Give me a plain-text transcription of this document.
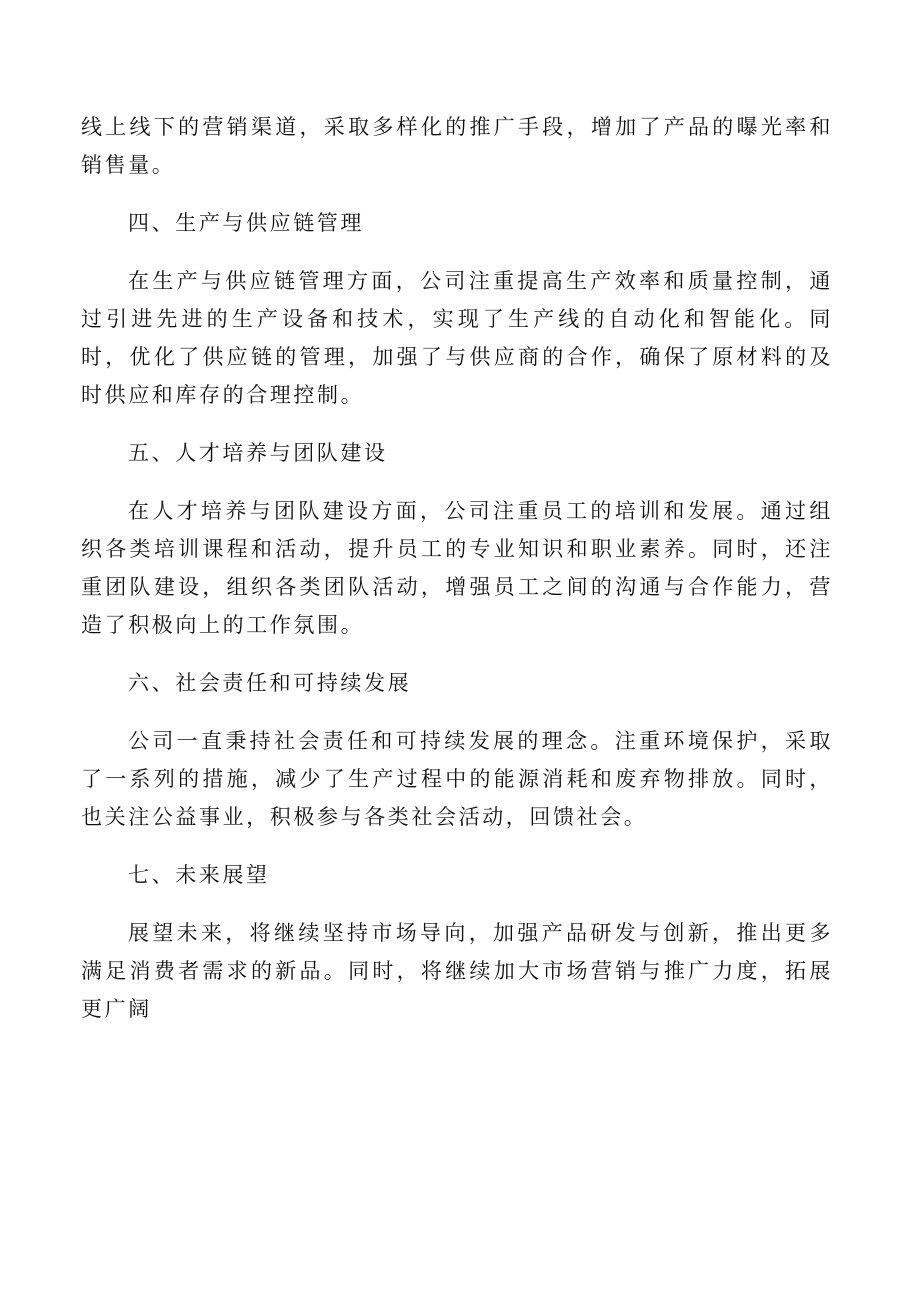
线上线下的营销渠道，采取多样化的推广手段，增加了产品的曝光率和销售量。

四、生产与供应链管理

在生产与供应链管理方面，公司注重提高生产效率和质量控制，通过引进先进的生产设备和技术，实现了生产线的自动化和智能化。同时，优化了供应链的管理，加强了与供应商的合作，确保了原材料的及时供应和库存的合理控制。

五、人才培养与团队建设

在人才培养与团队建设方面，公司注重员工的培训和发展。通过组织各类培训课程和活动，提升员工的专业知识和职业素养。同时，还注重团队建设，组织各类团队活动，增强员工之间的沟通与合作能力，营造了积极向上的工作氛围。

六、社会责任和可持续发展

公司一直秉持社会责任和可持续发展的理念。注重环境保护，采取了一系列的措施，减少了生产过程中的能源消耗和废弃物排放。同时，也关注公益事业，积极参与各类社会活动，回馈社会。

七、未来展望

展望未来，将继续坚持市场导向，加强产品研发与创新，推出更多满足消费者需求的新品。同时，将继续加大市场营销与推广力度，拓展更广阔
